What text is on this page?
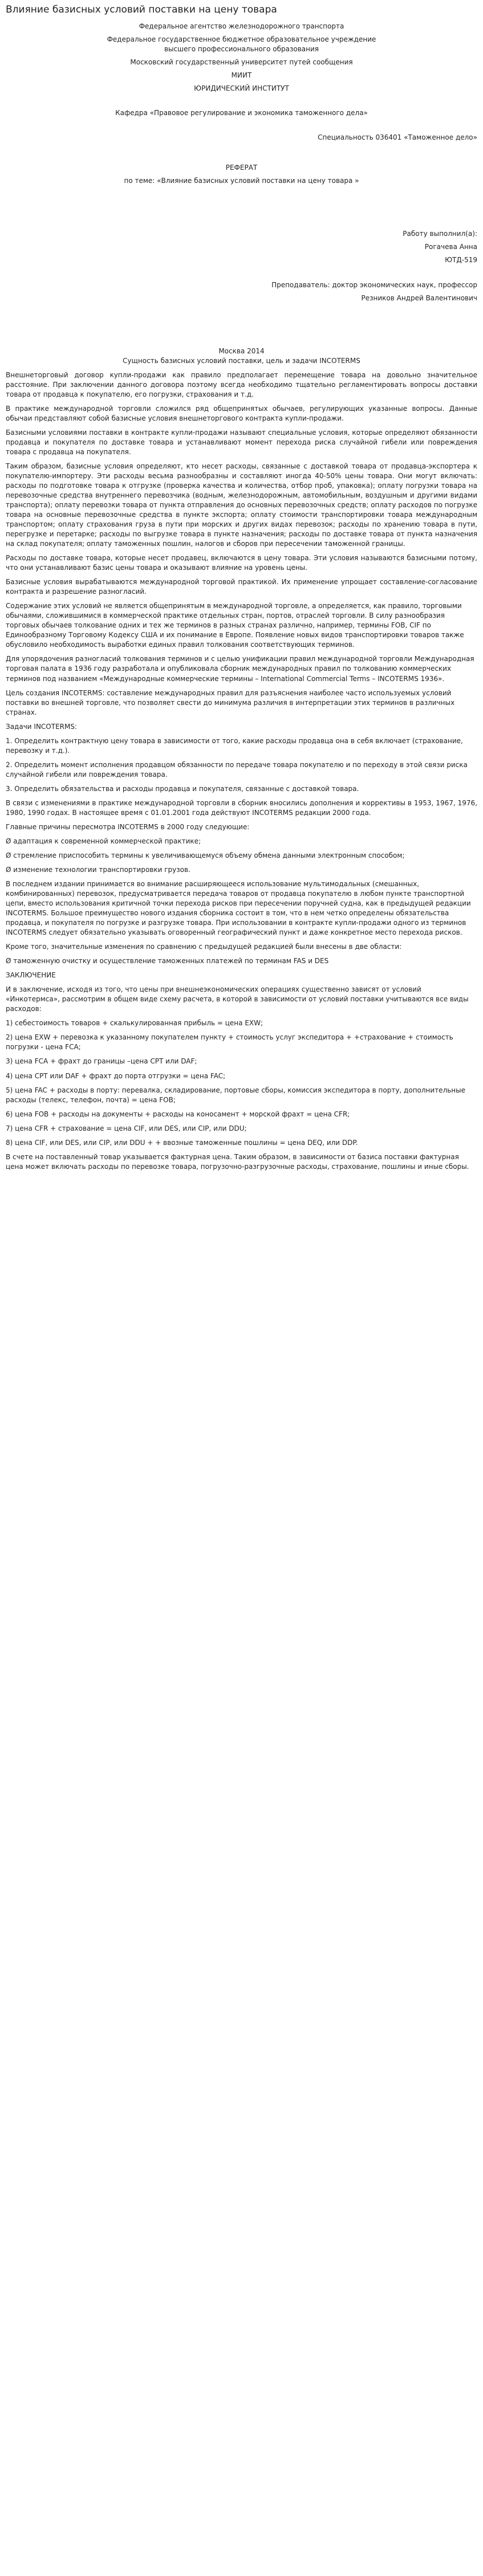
Влияние базисных условий поставки на цену товара

Федеральное агентство железнодорожного транспорта

Федеральное государственное бюджетное образовательное учреждение

высшего профессионального образования

Московский государственный университет путей сообщения

МИИТ

ЮРИДИЧЕСКИЙ ИНСТИТУТ

Кафедра «Правовое регулирование и экономика таможенного дела»

Специальность 036401 «Таможенное дело»

РЕФЕРАТ

по теме: «Влияние базисных условий поставки на цену товара »

Работу выполнил(а):

Рогачева Анна

ЮТД-519

Преподаватель: доктор экономических наук, профессор

Резников Андрей Валентинович

Москва 2014

Сущность базисных условий поставки, цель и задачи INCOTERMS

Внешнеторговый договор купли-продажи как правило предполагает перемещение товара на довольно значительное расстояние. При заключении данного договора поэтому всегда необходимо тщательно регламентировать вопросы доставки товара от продавца к покупателю, его погрузки, страхования и т.д.

В практике международной торговли сложился ряд общепринятых обычаев, регулирующих указанные вопросы. Данные обычаи представляют собой базисные условия внешнеторгового контракта купли-продажи.

Базисными условиями поставки в контракте купли-продажи называют специальные условия, которые определяют обязанности продавца и покупателя по доставке товара и устанавливают момент перехода риска случайной гибели или повреждения товара с продавца на покупателя.

Таким образом, базисные условия определяют, кто несет расходы, связанные с доставкой товара от продавца-экспортера к покупателю-импортеру. Эти расходы весьма разнообразны и составляют иногда 40-50% цены товара. Они могут включать: расходы по подготовке товара к отгрузке (проверка качества и количества, отбор проб, упаковка); оплату погрузки товара на перевозочные средства внутреннего перевозчика (водным, железнодорожным, автомобильным, воздушным и другими видами транспорта); оплату перевозки товара от пункта отправления до основных перевозочных средств; оплату расходов по погрузке товара на основные перевозочные средства в пункте экспорта; оплату стоимости транспортировки товара международным транспортом; оплату страхования груза в пути при морских и других видах перевозок; расходы по хранению товара в пути, перегрузке и перетарке; расходы по выгрузке товара в пункте назначения; расходы по доставке товара от пункта назначения на склад покупателя; оплату таможенных пошлин, налогов и сборов при пересечении таможенной границы.

Расходы по доставке товара, которые несет продавец, включаются в цену товара. Эти условия называются базисными потому, что они устанавливают базис цены товара и оказывают влияние на уровень цены.

Базисные условия вырабатываются международной торговой практикой. Их применение упрощает составление-согласование контракта и разрешение разногласий.

Содержание этих условий не является общепринятым в международной торговле, а определяется, как правило, торговыми обычаями, сложившимися в коммерческой практике отдельных стран, портов, отраслей торговли. В силу разнообразия торговых обычаев толкование одних и тех же терминов в разных странах различно, например, термины FOB, CIF по Единообразному Торговому Кодексу США и их понимание в Европе. Появление новых видов транспортировки товаров также обусловило необходимость выработки единых правил толкования соответствующих терминов.

Для упорядочения разногласий толкования терминов и с целью унификации правил международной торговли Международная торговая палата в 1936 году разработала и опубликовала сборник международных правил по толкованию коммерческих терминов под названием «Международные коммерческие термины – International Commercial Terms – INCOTERMS 1936».

Цель создания INCOTERMS: составление международных правил для разъяснения наиболее часто используемых условий поставки во внешней торговле, что позволяет свести до минимума различия в интерпретации этих терминов в различных странах.

Задачи INCOTERMS:

1. Определить контрактную цену товара в зависимости от того, какие расходы продавца она в себя включает (страхование, перевозку и т.д.).

2. Определить момент исполнения продавцом обязанности по передаче товара покупателю и по переходу в этой связи риска случайной гибели или повреждения товара.

3. Определить обязательства и расходы продавца и покупателя, связанные с доставкой товара.

В связи с изменениями в практике международной торговли в сборник вносились дополнения и коррективы в 1953, 1967, 1976, 1980, 1990 годах. В настоящее время с 01.01.2001 года действуют INCOTERMS редакции 2000 года.

Главные причины пересмотра INCOTERMS в 2000 году следующие:

Ø адаптация к современной коммерческой практике;

Ø стремление приспособить термины к увеличивающемуся объему обмена данными электронным способом;

Ø изменение технологии транспортировки грузов.

В последнем издании принимается во внимание расширяющееся использование мультимодальных (смешанных, комбинированных) перевозок, предусматривается передача товаров от продавца покупателю в любом пункте транспортной цепи, вместо использования критичной точки перехода рисков при пересечении поручней судна, как в предыдущей редакции INCOTERMS. Большое преимущество нового издания сборника состоит в том, что в нем четко определены обязательства продавца, и покупателя по погрузке и разгрузке товара. При использовании в контракте купли-продажи одного из терминов INCOTERMS следует обязательно указывать оговоренный географический пункт и даже конкретное место перехода рисков.

Кроме того, значительные изменения по сравнению с предыдущей редакцией были внесены в две области:

Ø таможенную очистку и осуществление таможенных платежей по терминам FAS и DES

ЗАКЛЮЧЕНИЕ

И в заключение, исходя из того, что цены при внешнеэкономических операциях существенно зависят от условий «Инкотермса», рассмотрим в общем виде схему расчета, в которой в зависимости от условий поставки учитываются все виды расходов:

1) себестоимость товаров + скалькулированная прибыль = цена EXW;

2) цена EXW + перевозка к указанному покупателем пункту + стоимость услуг экспедитора + +страхование + стоимость погрузки - цена FCA;

3) цена FCA + фрахт до границы –цена CPT или DAF;

4) цена CPT или DAF + фрахт до порта отгрузки = цена FAC;

5) цена FAC + расходы в порту: перевалка, складирование, портовые сборы, комиссия экспедитора в порту, дополнительные расходы (телекс, телефон, почта) = цена FOB;

6) цена FOB + расходы на документы + расходы на коносамент + морской фрахт = цена CFR;

7) цена CFR + страхование = цена CIF, или DES, или CIP, или DDU;

8) цена CIF, или DES, или CIP, или DDU + + ввозные таможенные пошлины = цена DEQ, или DDP.

В счете на поставленный товар указывается фактурная цена. Таким образом, в зависимости от базиса поставки фактурная цена может включать расходы по перевозке товара, погрузочно-разгрузочные расходы, страхование, пошлины и иные сборы.
